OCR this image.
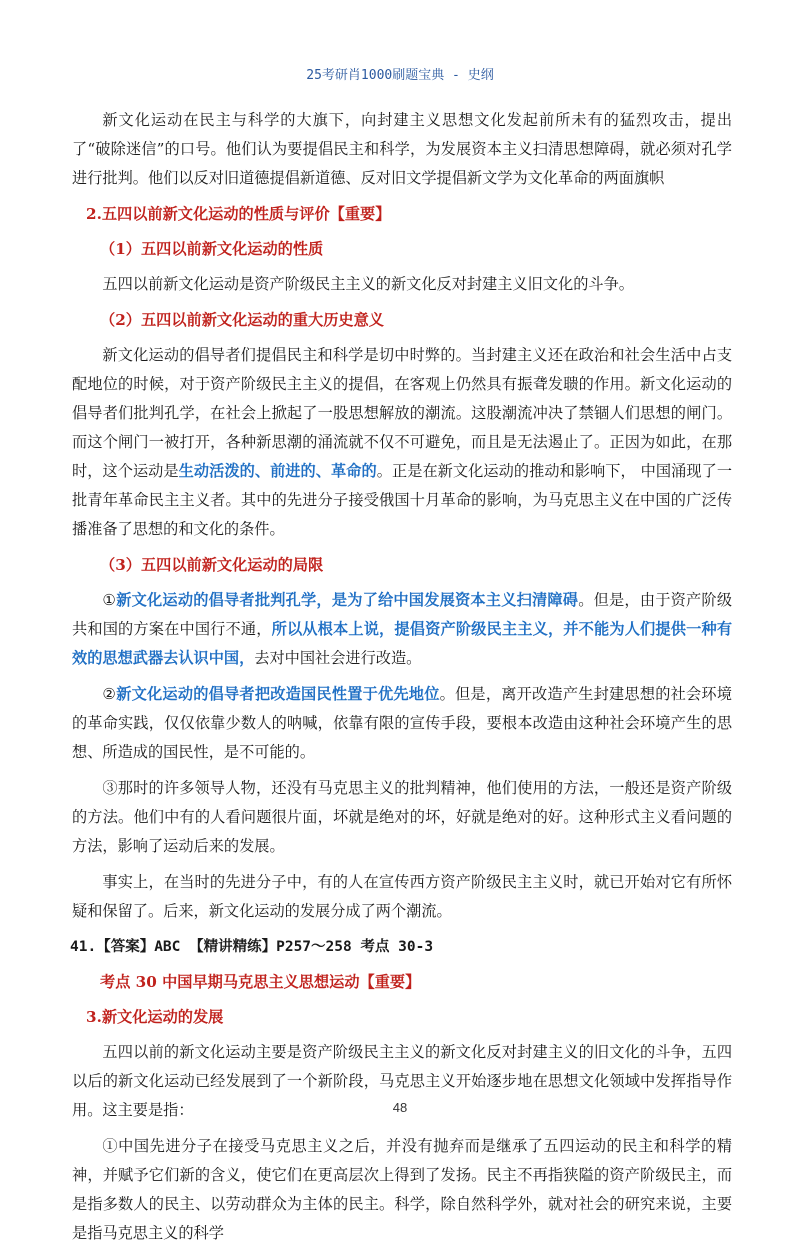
25考研肖1000刷题宝典 - 史纲

新文化运动在民主与科学的大旗下，向封建主义思想文化发起前所未有的猛烈攻击，提出了“破除迷信”的口号。他们认为要提倡民主和科学，为发展资本主义扫清思想障碍，就必须对孔学进行批判。他们以反对旧道德提倡新道德、反对旧文学提倡新文学为文化革命的两面旗帜

2.五四以前新文化运动的性质与评价【重要】

（1）五四以前新文化运动的性质

五四以前新文化运动是资产阶级民主主义的新文化反对封建主义旧文化的斗争。

（2）五四以前新文化运动的重大历史意义

新文化运动的倡导者们提倡民主和科学是切中时弊的。当封建主义还在政治和社会生活中占支配地位的时候，对于资产阶级民主主义的提倡，在客观上仍然具有振聋发聩的作用。新文化运动的倡导者们批判孔学，在社会上掀起了一股思想解放的潮流。这股潮流冲决了禁锢人们思想的闸门。而这个闸门一被打开，各种新思潮的涌流就不仅不可避免，而且是无法遏止了。正因为如此，在那时，这个运动是生动活泼的、前进的、革命的。正是在新文化运动的推动和影响下， 中国涌现了一批青年革命民主主义者。其中的先进分子接受俄国十月革命的影响，为马克思主义在中国的广泛传播准备了思想的和文化的条件。

（3）五四以前新文化运动的局限

①新文化运动的倡导者批判孔学，是为了给中国发展资本主义扫清障碍。但是，由于资产阶级共和国的方案在中国行不通，所以从根本上说，提倡资产阶级民主主义，并不能为人们提供一种有效的思想武器去认识中国，去对中国社会进行改造。

②新文化运动的倡导者把改造国民性置于优先地位。但是，离开改造产生封建思想的社会环境的革命实践，仅仅依靠少数人的呐喊，依靠有限的宣传手段，要根本改造由这种社会环境产生的思想、所造成的国民性，是不可能的。

③那时的许多领导人物，还没有马克思主义的批判精神，他们使用的方法，一般还是资产阶级的方法。他们中有的人看问题很片面，坏就是绝对的坏，好就是绝对的好。这种形式主义看问题的方法，影响了运动后来的发展。

事实上，在当时的先进分子中，有的人在宣传西方资产阶级民主主义时，就已开始对它有所怀疑和保留了。后来，新文化运动的发展分成了两个潮流。

41.【答案】ABC 【精讲精练】P257～258 考点 30-3

考点 30 中国早期马克思主义思想运动【重要】

3.新文化运动的发展

五四以前的新文化运动主要是资产阶级民主主义的新文化反对封建主义的旧文化的斗争，五四以后的新文化运动已经发展到了一个新阶段，马克思主义开始逐步地在思想文化领域中发挥指导作用。这主要是指：

①中国先进分子在接受马克思主义之后，并没有抛弃而是继承了五四运动的民主和科学的精神，并赋予它们新的含义，使它们在更高层次上得到了发扬。民主不再指狭隘的资产阶级民主，而是指多数人的民主、以劳动群众为主体的民主。科学，除自然科学外，就对社会的研究来说，主要是指马克思主义的科学

48
